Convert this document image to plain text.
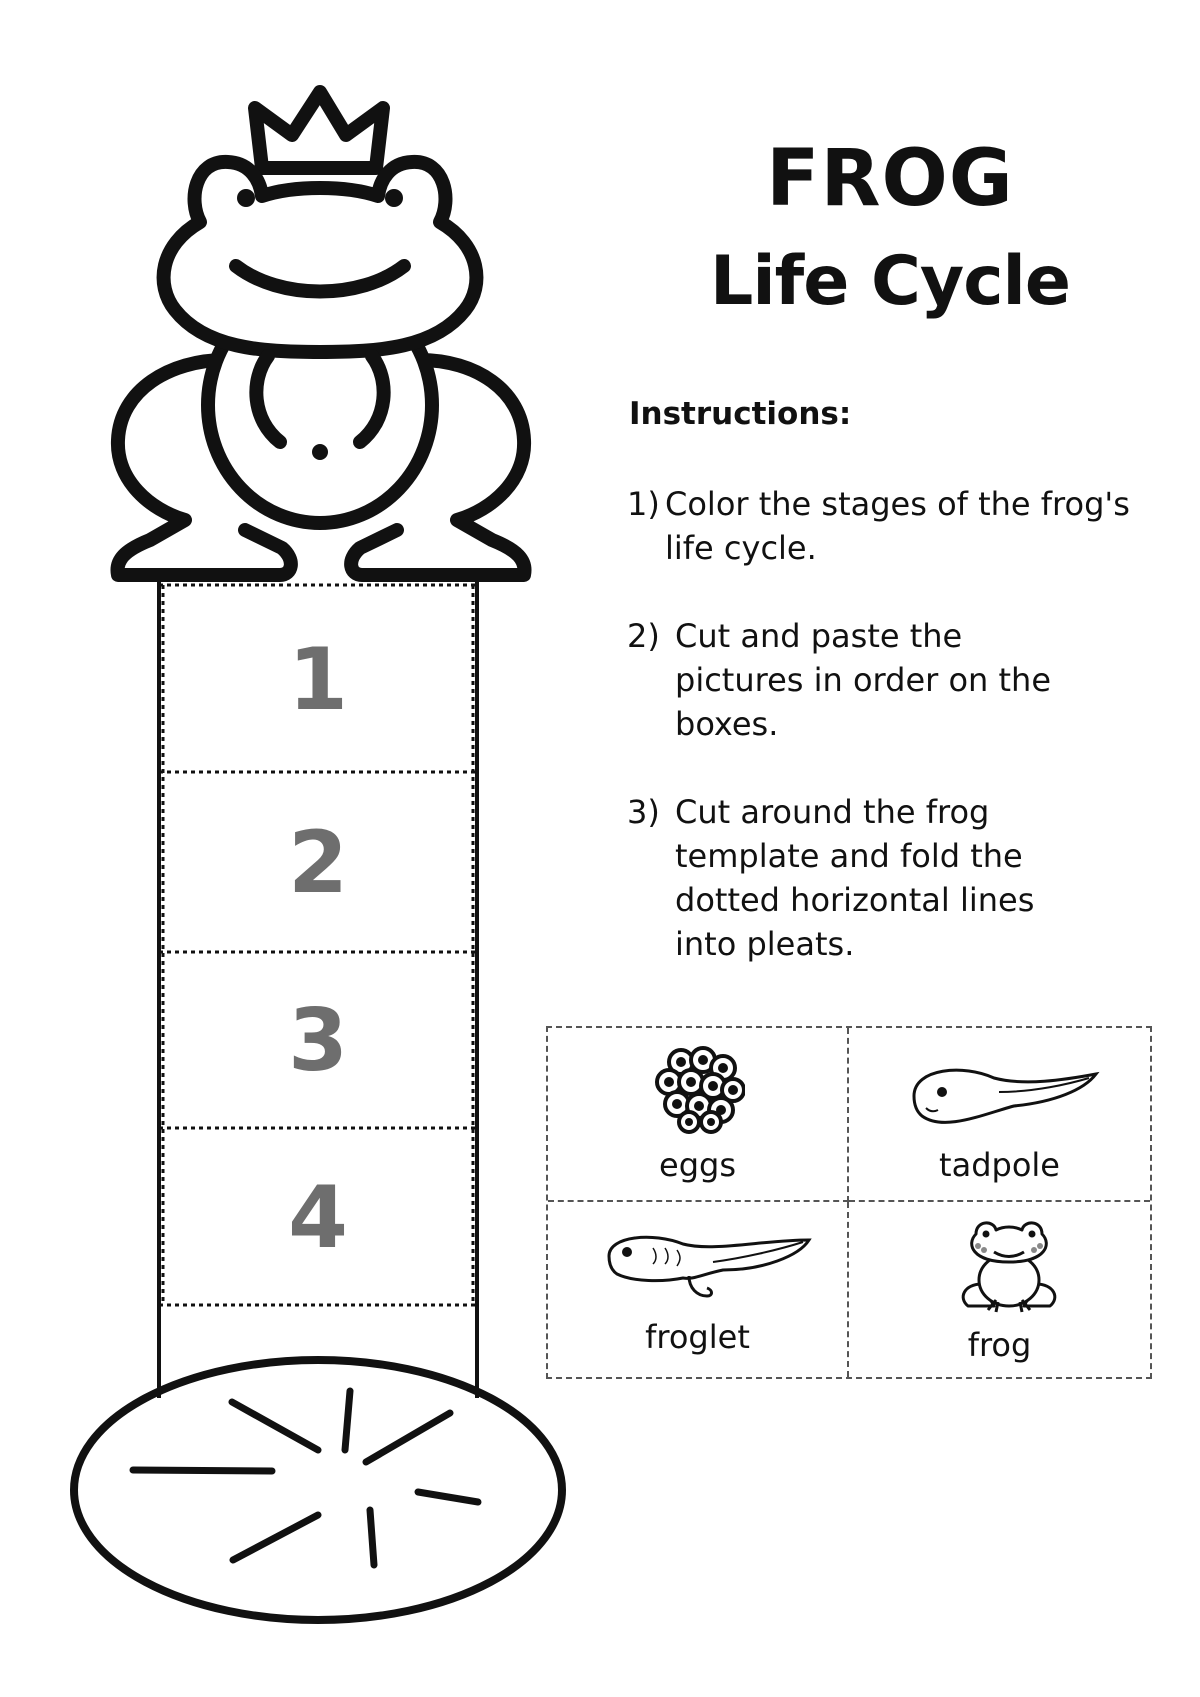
1
2
3
4
FROG
Life Cycle
Instructions:
1) Color the stages of the frog's life cycle.
2) Cut and paste the pictures in order on the boxes.
3) Cut around the frog template and fold the dotted horizontal lines into pleats.
eggs	tadpole
froglet	frog
